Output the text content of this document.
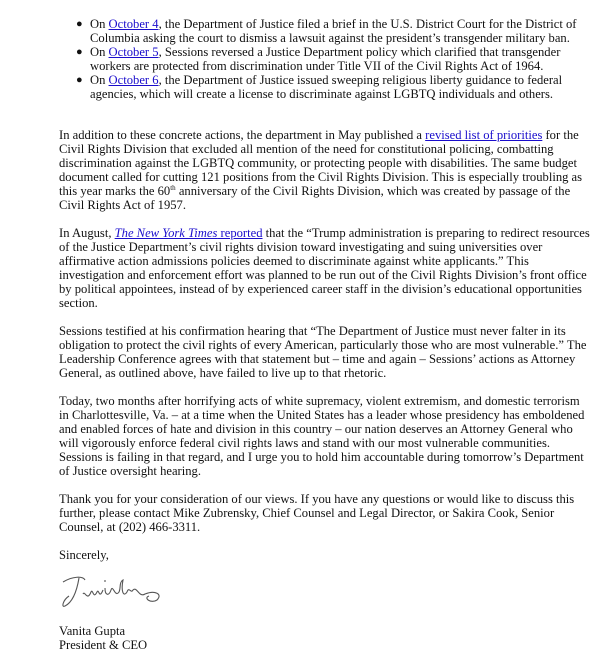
● On October 4, the Department of Justice filed a brief in the U.S. District Court for the District of
Columbia asking the court to dismiss a lawsuit against the president’s transgender military ban.
● On October 5, Sessions reversed a Justice Department policy which clarified that transgender
workers are protected from discrimination under Title VII of the Civil Rights Act of 1964.
● On October 6, the Department of Justice issued sweeping religious liberty guidance to federal
agencies, which will create a license to discriminate against LGBTQ individuals and others.

In addition to these concrete actions, the department in May published a revised list of priorities for the
Civil Rights Division that excluded all mention of the need for constitutional policing, combatting
discrimination against the LGBTQ community, or protecting people with disabilities. The same budget
document called for cutting 121 positions from the Civil Rights Division. This is especially troubling as
this year marks the 60th anniversary of the Civil Rights Division, which was created by passage of the
Civil Rights Act of 1957.

In August, The New York Times reported that the “Trump administration is preparing to redirect resources
of the Justice Department’s civil rights division toward investigating and suing universities over
affirmative action admissions policies deemed to discriminate against white applicants.” This
investigation and enforcement effort was planned to be run out of the Civil Rights Division’s front office
by political appointees, instead of by experienced career staff in the division’s educational opportunities
section.

Sessions testified at his confirmation hearing that “The Department of Justice must never falter in its
obligation to protect the civil rights of every American, particularly those who are most vulnerable.” The
Leadership Conference agrees with that statement but – time and again – Sessions’ actions as Attorney
General, as outlined above, have failed to live up to that rhetoric.

Today, two months after horrifying acts of white supremacy, violent extremism, and domestic terrorism
in Charlottesville, Va. – at a time when the United States has a leader whose presidency has emboldened
and enabled forces of hate and division in this country – our nation deserves an Attorney General who
will vigorously enforce federal civil rights laws and stand with our most vulnerable communities.
Sessions is failing in that regard, and I urge you to hold him accountable during tomorrow’s Department
of Justice oversight hearing.

Thank you for your consideration of our views. If you have any questions or would like to discuss this
further, please contact Mike Zubrensky, Chief Counsel and Legal Director, or Sakira Cook, Senior
Counsel, at (202) 466-3311.

Sincerely,
Vanita Gupta
President & CEO
